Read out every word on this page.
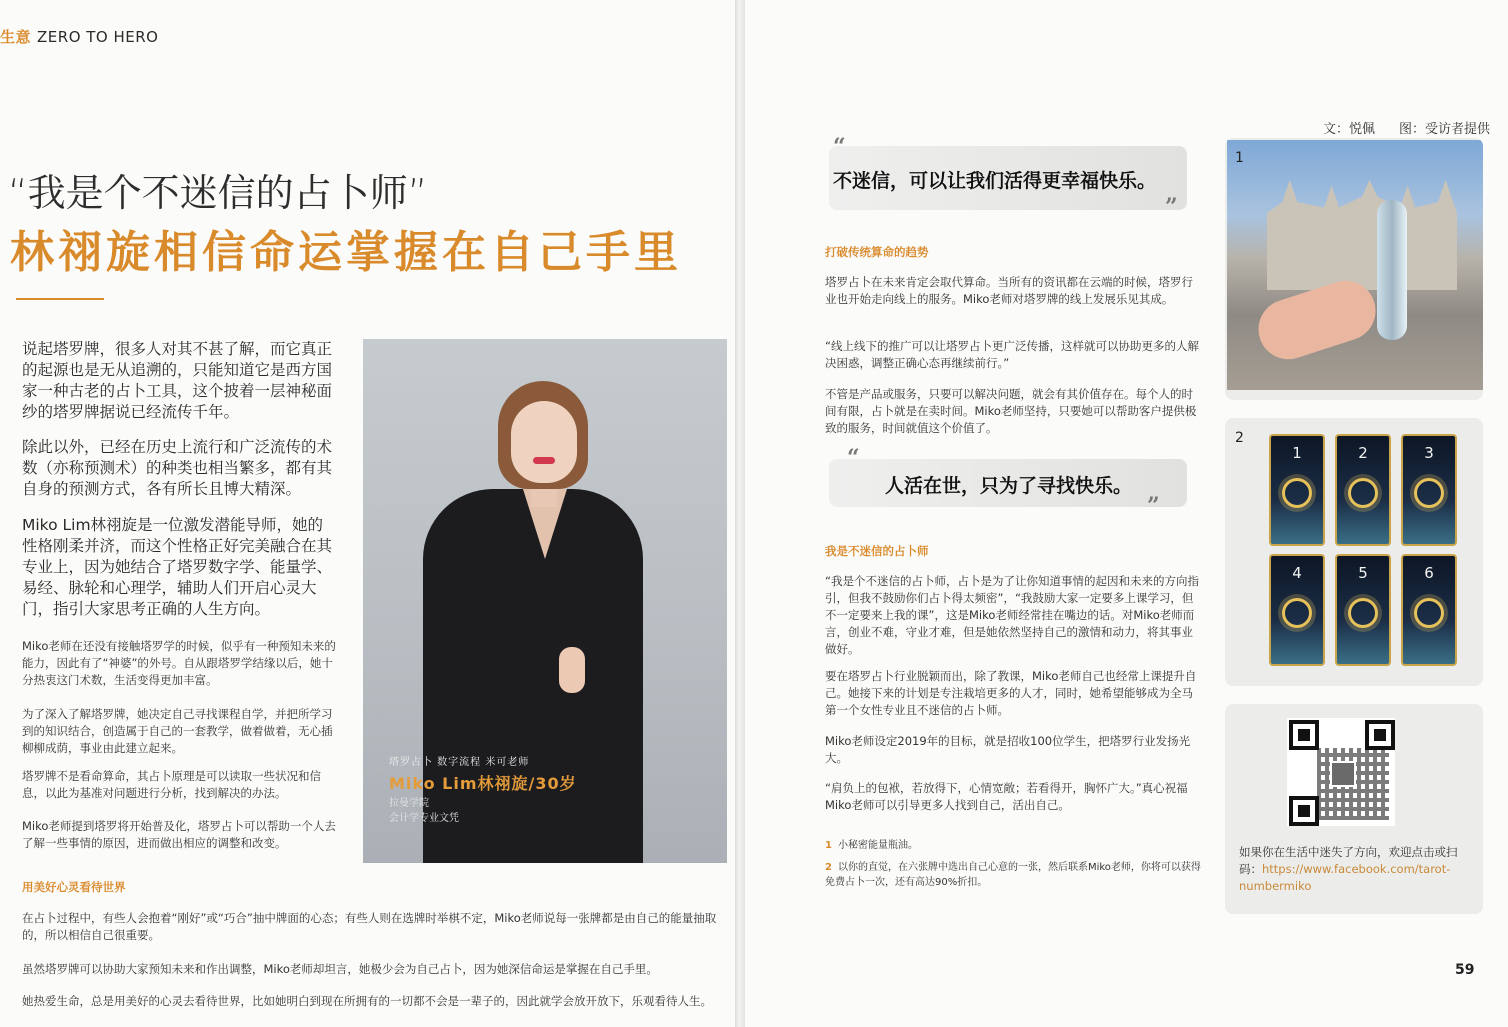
生意 ZERO TO HERO
“我是个不迷信的占卜师”
林祤旋相信命运掌握在自己手里

说起塔罗牌，很多人对其不甚了解，而它真正的起源也是无从追溯的，只能知道它是西方国家一种古老的占卜工具，这个披着一层神秘面纱的塔罗牌据说已经流传千年。

除此以外，已经在历史上流行和广泛流传的术数（亦称预测术）的种类也相当繁多，都有其自身的预测方式，各有所长且博大精深。

Miko Lim林祤旋是一位激发潜能导师，她的性格刚柔并济，而这个性格正好完美融合在其专业上，因为她结合了塔罗数字学、能量学、易经、脉轮和心理学，辅助人们开启心灵大门，指引大家思考正确的人生方向。

Miko老师在还没有接触塔罗学的时候，似乎有一种预知未来的能力，因此有了“神婆”的外号。自从跟塔罗学结缘以后，她十分热衷这门术数，生活变得更加丰富。

为了深入了解塔罗牌，她决定自己寻找课程自学，并把所学习到的知识结合，创造属于自己的一套教学，做着做着，无心插柳柳成荫，事业由此建立起来。

塔罗牌不是看命算命，其占卜原理是可以读取一些状况和信息，以此为基准对问题进行分析，找到解决的办法。

Miko老师提到塔罗将开始普及化，塔罗占卜可以帮助一个人去了解一些事情的原因，进而做出相应的调整和改变。

用美好心灵看待世界

在占卜过程中，有些人会抱着“刚好”或“巧合”抽中牌面的心态；有些人则在选牌时举棋不定，Miko老师说每一张牌都是由自己的能量抽取的，所以相信自己很重要。

虽然塔罗牌可以协助大家预知未来和作出调整，Miko老师却坦言，她极少会为自己占卜，因为她深信命运是掌握在自己手里。

她热爱生命，总是用美好的心灵去看待世界，比如她明白到现在所拥有的一切都不会是一辈子的，因此就学会放开放下，乐观看待人生。

塔罗占卜 数字流程 米可老师
Miko Lim林祤旋/30岁
拉曼学院
会计学专业文凭
文：悦佩 图：受访者提供
“
不迷信，可以让我们活得更幸福快乐。
”
打破传统算命的趋势

塔罗占卜在未来肯定会取代算命。当所有的资讯都在云端的时候，塔罗行业也开始走向线上的服务。Miko老师对塔罗牌的线上发展乐见其成。

“线上线下的推广可以让塔罗占卜更广泛传播，这样就可以协助更多的人解决困惑，调整正确心态再继续前行。”

不管是产品或服务，只要可以解决问题，就会有其价值存在。每个人的时间有限，占卜就是在卖时间。Miko老师坚持，只要她可以帮助客户提供极致的服务，时间就值这个价值了。

“
人活在世，只为了寻找快乐。
”
我是不迷信的占卜师

“我是个不迷信的占卜师，占卜是为了让你知道事情的起因和未来的方向指引，但我不鼓励你们占卜得太频密”，“我鼓励大家一定要多上课学习，但不一定要来上我的课”，这是Miko老师经常挂在嘴边的话。对Miko老师而言，创业不难，守业才难，但是她依然坚持自己的激情和动力，将其事业做好。

要在塔罗占卜行业脱颖而出，除了教课，Miko老师自己也经常上课提升自己。她接下来的计划是专注栽培更多的人才，同时，她希望能够成为全马第一个女性专业且不迷信的占卜师。

Miko老师设定2019年的目标，就是招收100位学生，把塔罗行业发扬光大。

“肩负上的包袱，若放得下，心情宽敞；若看得开，胸怀广大。”真心祝福Miko老师可以引导更多人找到自己，活出自己。

1 小秘密能量瓶油。
2 以你的直觉，在六张牌中选出自己心意的一张，然后联系Miko老师，你将可以获得免费占卜一次，还有高达90%折扣。
1
2
1	2	3
4	5	6
如果你在生活中迷失了方向，欢迎点击或扫码：https://www.facebook.com/tarot-numbermiko
59
